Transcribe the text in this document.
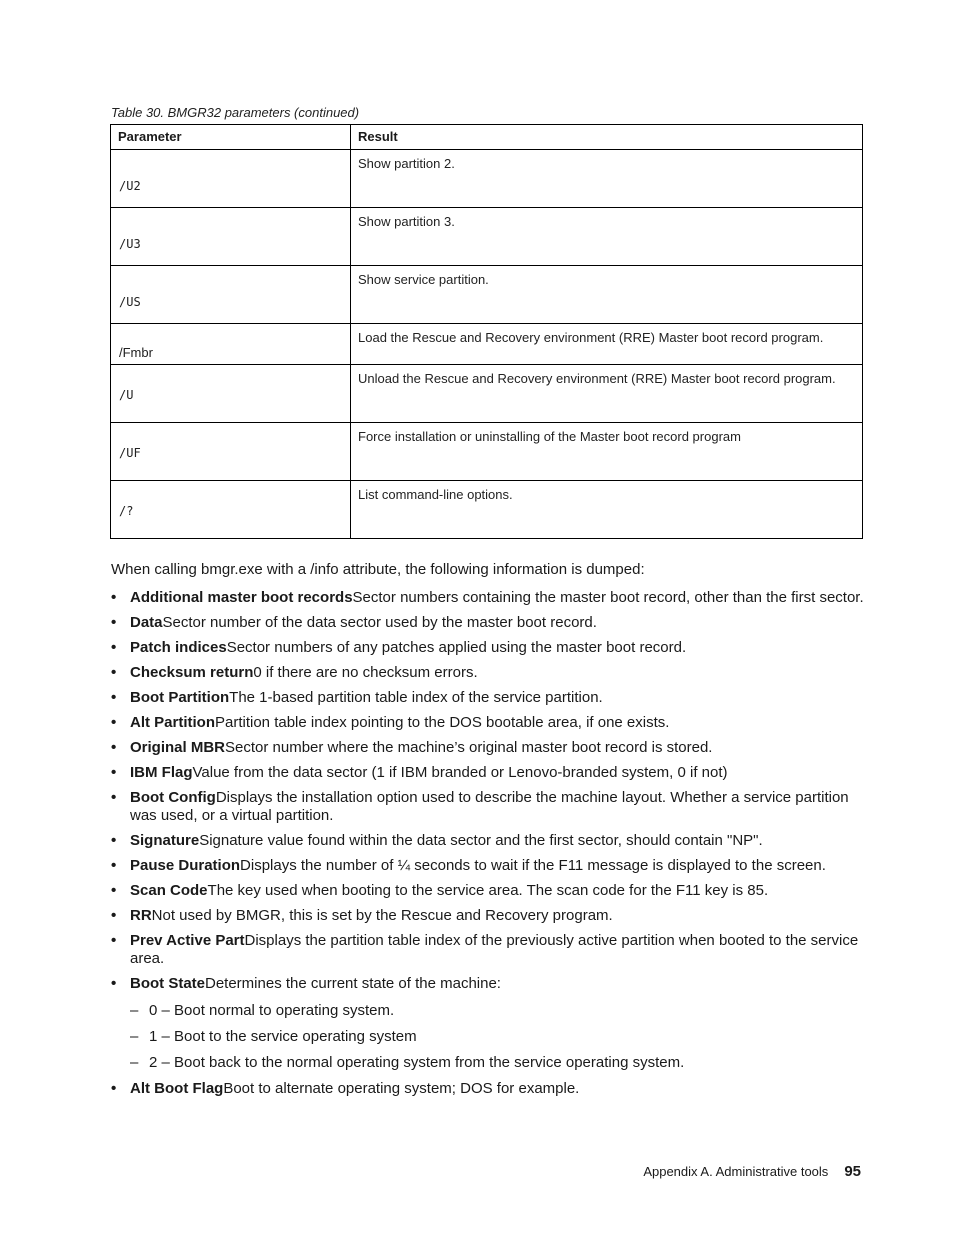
Table 30. BMGR32 parameters (continued)
Parameter	Result

/U2	Show partition 2.

/U3	Show partition 3.

/US	Show service partition.

/Fmbr	Load the Rescue and Recovery environment (RRE) Master boot record program.

/U	Unload the Rescue and Recovery environment (RRE) Master boot record program.

/UF	Force installation or uninstalling of the Master boot record program

/?	List command-line options.

When calling bmgr.exe with a /info attribute, the following information is dumped:

• Additional master boot recordsSector numbers containing the master boot record, other than the first sector.
• DataSector number of the data sector used by the master boot record.
• Patch indicesSector numbers of any patches applied using the master boot record.
• Checksum return0 if there are no checksum errors.
• Boot PartitionThe 1-based partition table index of the service partition.
• Alt PartitionPartition table index pointing to the DOS bootable area, if one exists.
• Original MBRSector number where the machine’s original master boot record is stored.
• IBM FlagValue from the data sector (1 if IBM branded or Lenovo-branded system, 0 if not)
• Boot ConfigDisplays the installation option used to describe the machine layout. Whether a service partition was used, or a virtual partition.
• SignatureSignature value found within the data sector and the first sector, should contain "NP".
• Pause DurationDisplays the number of ¼ seconds to wait if the F11 message is displayed to the screen.
• Scan CodeThe key used when booting to the service area. The scan code for the F11 key is 85.
• RRNot used by BMGR, this is set by the Rescue and Recovery program.
• Prev Active PartDisplays the partition table index of the previously active partition when booted to the service area.
• Boot StateDetermines the current state of the machine:
– 0 – Boot normal to operating system.
– 1 – Boot to the service operating system
– 2 – Boot back to the normal operating system from the service operating system.
• Alt Boot FlagBoot to alternate operating system; DOS for example.
Appendix A. Administrative tools 95
